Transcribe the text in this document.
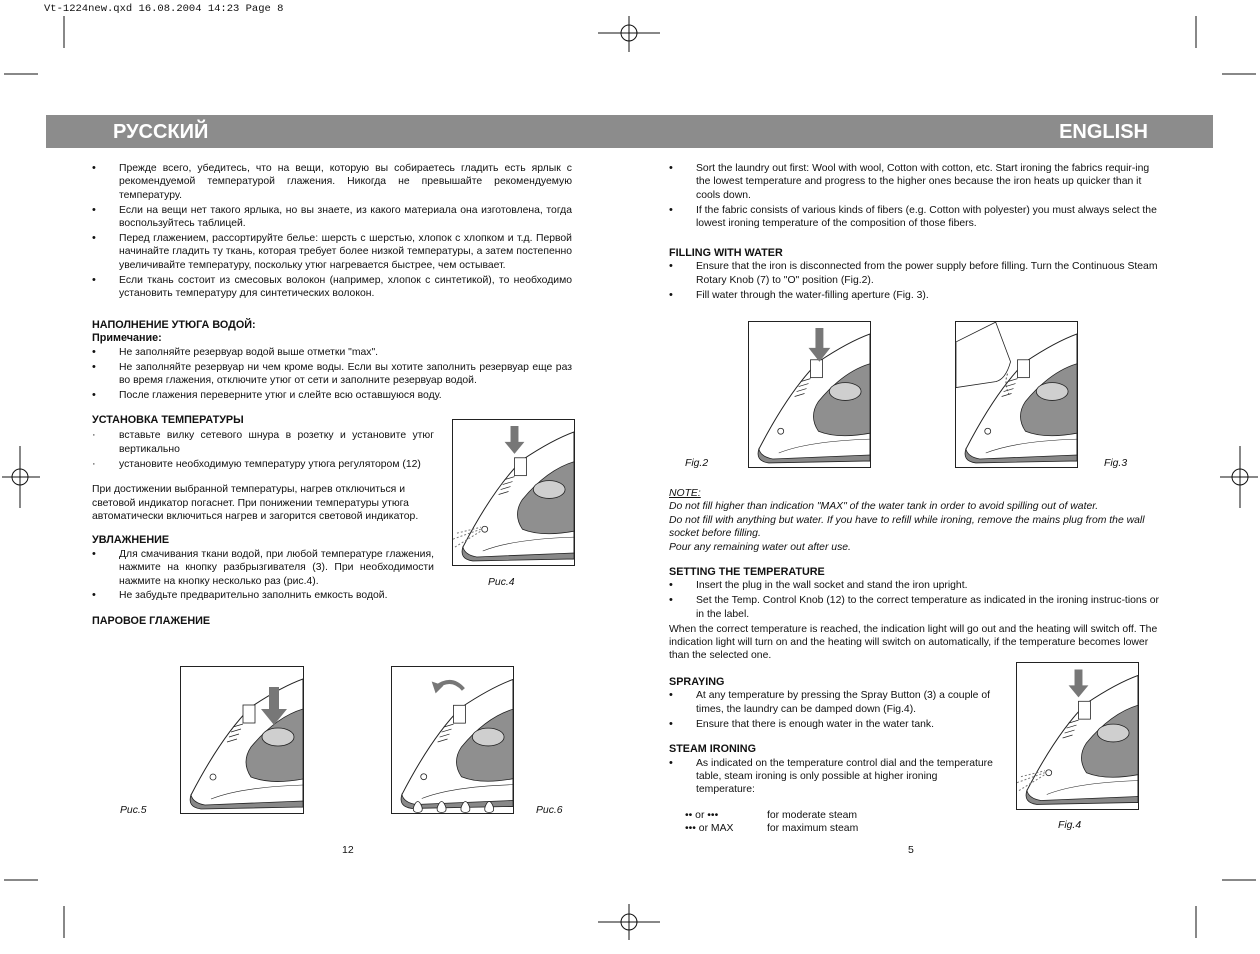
Vt-1224new.qxd 16.08.2004 14:23 Page 8
РУССКИЙ	ENGLISH
• Прежде всего, убедитесь, что на вещи, которую вы собираетесь гладить есть ярлык с рекомендуемой температурой глажения. Никогда не превышайте рекомендуемую температуру.
• Если на вещи нет такого ярлыка, но вы знаете, из какого материала она изготовлена, тогда воспользуйтесь таблицей.
• Перед глажением, рассортируйте белье: шерсть с шерстью, хлопок с хлопком и т.д. Первой начинайте гладить ту ткань, которая требует более низкой температуры, а затем постепенно увеличивайте температуру, поскольку утюг нагревается быстрее, чем остывает.
• Если ткань состоит из смесовых волокон (например, хлопок с синтетикой), то необходимо установить температуру для синтетических волокон.
НАПОЛНЕНИЕ УТЮГА ВОДОЙ:
Примечание:
• Не заполняйте резервуар водой выше отметки "max".
• Не заполняйте резервуар ни чем кроме воды. Если вы хотите заполнить резервуар еще раз во время глажения, отключите утюг от сети и заполните резервуар водой.
• После глажения переверните утюг и слейте всю оставшуюся воду.
УСТАНОВКА ТЕМПЕРАТУРЫ
· вставьте вилку сетевого шнура в розетку и установите утюг вертикально
· установите необходимую температуру утюга регулятором (12)

При достижении выбранной температуры, нагрев отключиться и световой индикатор погаснет. При понижении температуры утюга автоматически включиться нагрев и загорится световой индикатор.

УВЛАЖНЕНИЕ
• Для смачивания ткани водой, при любой температуре глажения, нажмите на кнопку разбрызгивателя (3). При необходимости нажмите на кнопку несколько раз (рис.4).
• Не забудьте предварительно заполнить емкость водой.
ПАРОВОЕ ГЛАЖЕНИЕ
Рис.4
Рис.5	Рис.6
12
• Sort the laundry out first: Wool with wool, Cotton with cotton, etc. Start ironing the fabrics requir-ing the lowest temperature and progress to the higher ones because the iron heats up quicker than it cools down.
• If the fabric consists of various kinds of fibers (e.g. Cotton with polyester) you must always select the lowest ironing temperature of the composition of those fibers.
FILLING WITH WATER
• Ensure that the iron is disconnected from the power supply before filling. Turn the Continuous Steam Rotary Knob (7) to "O" position (Fig.2).
• Fill water through the water-filling aperture (Fig. 3).
Fig.2	Fig.3
NOTE:

Do not fill higher than indication "MAX" of the water tank in order to avoid spilling out of water.

Do not fill with anything but water. If you have to refill while ironing, remove the mains plug from the wall socket before filling.

Pour any remaining water out after use.

SETTING THE TEMPERATURE
• Insert the plug in the wall socket and stand the iron upright.
• Set the Temp. Control Knob (12) to the correct temperature as indicated in the ironing instruc-tions or in the label.

When the correct temperature is reached, the indication light will go out and the heating will switch off. The indication light will turn on and the heating will switch on automatically, if the temperature becomes lower than the selected one.

SPRAYING
• At any temperature by pressing the Spray Button (3) a couple of times, the laundry can be damped down (Fig.4).
• Ensure that there is enough water in the water tank.
STEAM IRONING
• As indicated on the temperature control dial and the temperature table, steam ironing is only possible at higher ironing temperature:
•• or •••	for moderate steam
••• or MAX	for maximum steam	Fig.4
5
